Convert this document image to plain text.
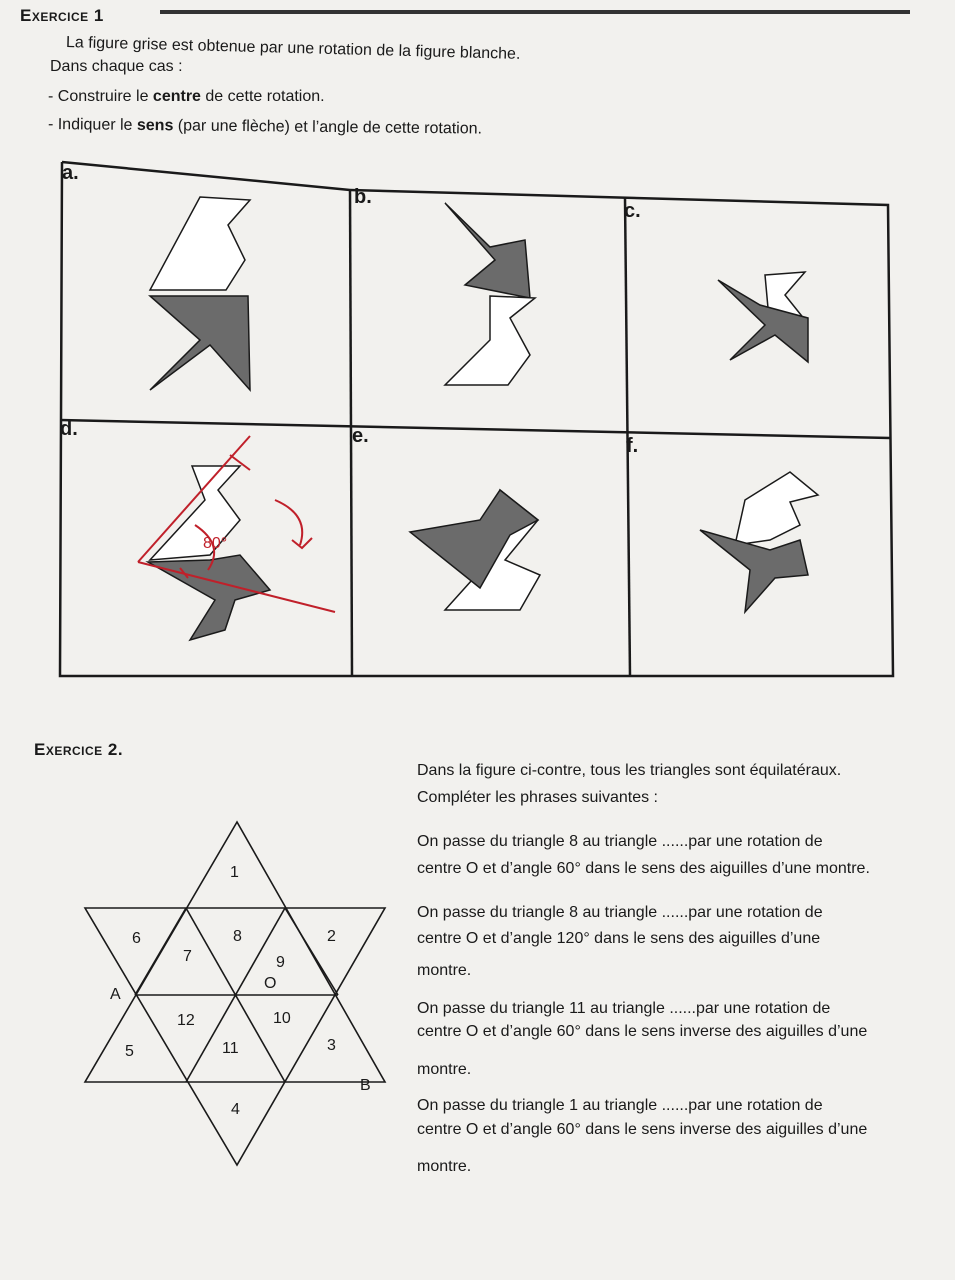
Exercice 1
La figure grise est obtenue par une rotation de la figure blanche.
Dans chaque cas :
- Construire le centre de cette rotation.
- Indiquer le sens (par une flèche) et l’angle de cette rotation.
80°
a.
b.
c.
d.	e.	f.
Exercice 2.
Dans la figure ci-contre, tous les triangles sont équilatéraux.
Compléter les phrases suivantes :
On passe du triangle 8 au triangle ......par une rotation de
centre O et d’angle 60° dans le sens des aiguilles d’une montre.
On passe du triangle 8 au triangle ......par une rotation de
centre O et d’angle 120° dans le sens des aiguilles d’une
montre.
On passe du triangle 11 au triangle ......par une rotation de
centre O et d’angle 60° dans le sens inverse des aiguilles d’une
montre.
On passe du triangle 1 au triangle ......par une rotation de
centre O et d’angle 60° dans le sens inverse des aiguilles d’une
montre.
1
2
3
4
5
6
7
8
9
10
11
12
A
B
O
